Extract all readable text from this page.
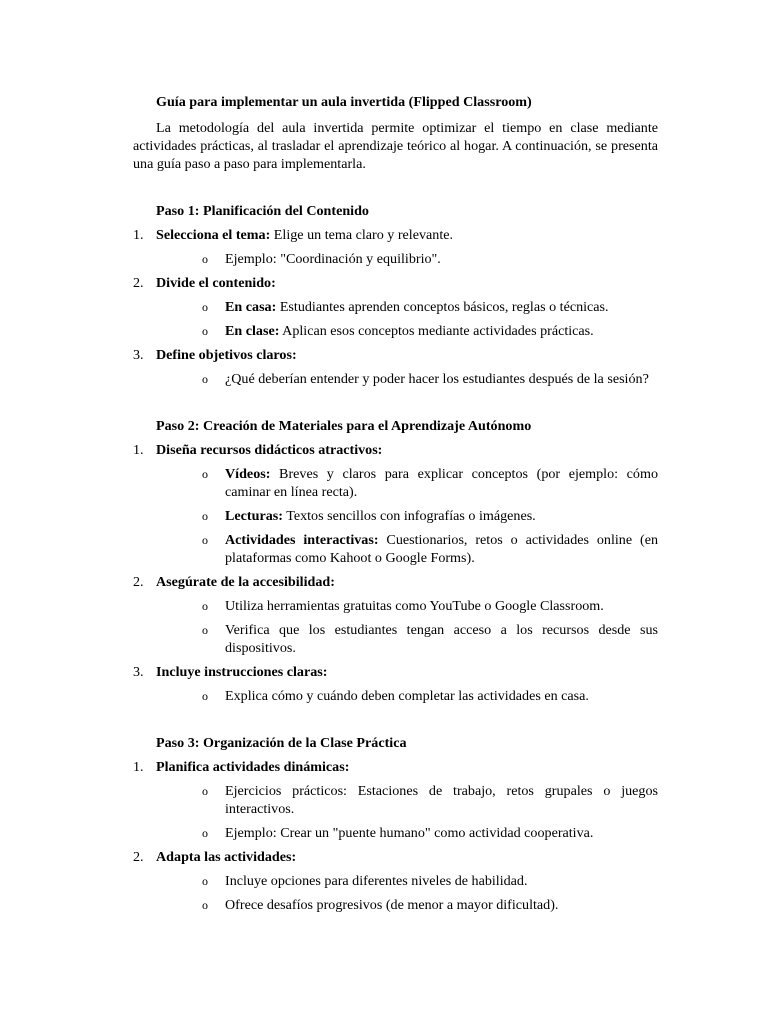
Guía para implementar un aula invertida (Flipped Classroom)

La metodología del aula invertida permite optimizar el tiempo en clase mediante actividades prácticas, al trasladar el aprendizaje teórico al hogar. A continuación, se presenta una guía paso a paso para implementarla.

Paso 1: Planificación del Contenido

1. Selecciona el tema: Elige un tema claro y relevante.
o Ejemplo: "Coordinación y equilibrio".
2. Divide el contenido:
o En casa: Estudiantes aprenden conceptos básicos, reglas o técnicas.
o En clase: Aplican esos conceptos mediante actividades prácticas.
3. Define objetivos claros:
o ¿Qué deberían entender y poder hacer los estudiantes después de la sesión?

Paso 2: Creación de Materiales para el Aprendizaje Autónomo

1. Diseña recursos didácticos atractivos:
o Vídeos: Breves y claros para explicar conceptos (por ejemplo: cómo caminar en línea recta).
o Lecturas: Textos sencillos con infografías o imágenes.
o Actividades interactivas: Cuestionarios, retos o actividades online (en plataformas como Kahoot o Google Forms).
2. Asegúrate de la accesibilidad:
o Utiliza herramientas gratuitas como YouTube o Google Classroom.
o Verifica que los estudiantes tengan acceso a los recursos desde sus dispositivos.
3. Incluye instrucciones claras:
o Explica cómo y cuándo deben completar las actividades en casa.

Paso 3: Organización de la Clase Práctica

1. Planifica actividades dinámicas:
o Ejercicios prácticos: Estaciones de trabajo, retos grupales o juegos interactivos.
o Ejemplo: Crear un "puente humano" como actividad cooperativa.
2. Adapta las actividades:
o Incluye opciones para diferentes niveles de habilidad.
o Ofrece desafíos progresivos (de menor a mayor dificultad).
